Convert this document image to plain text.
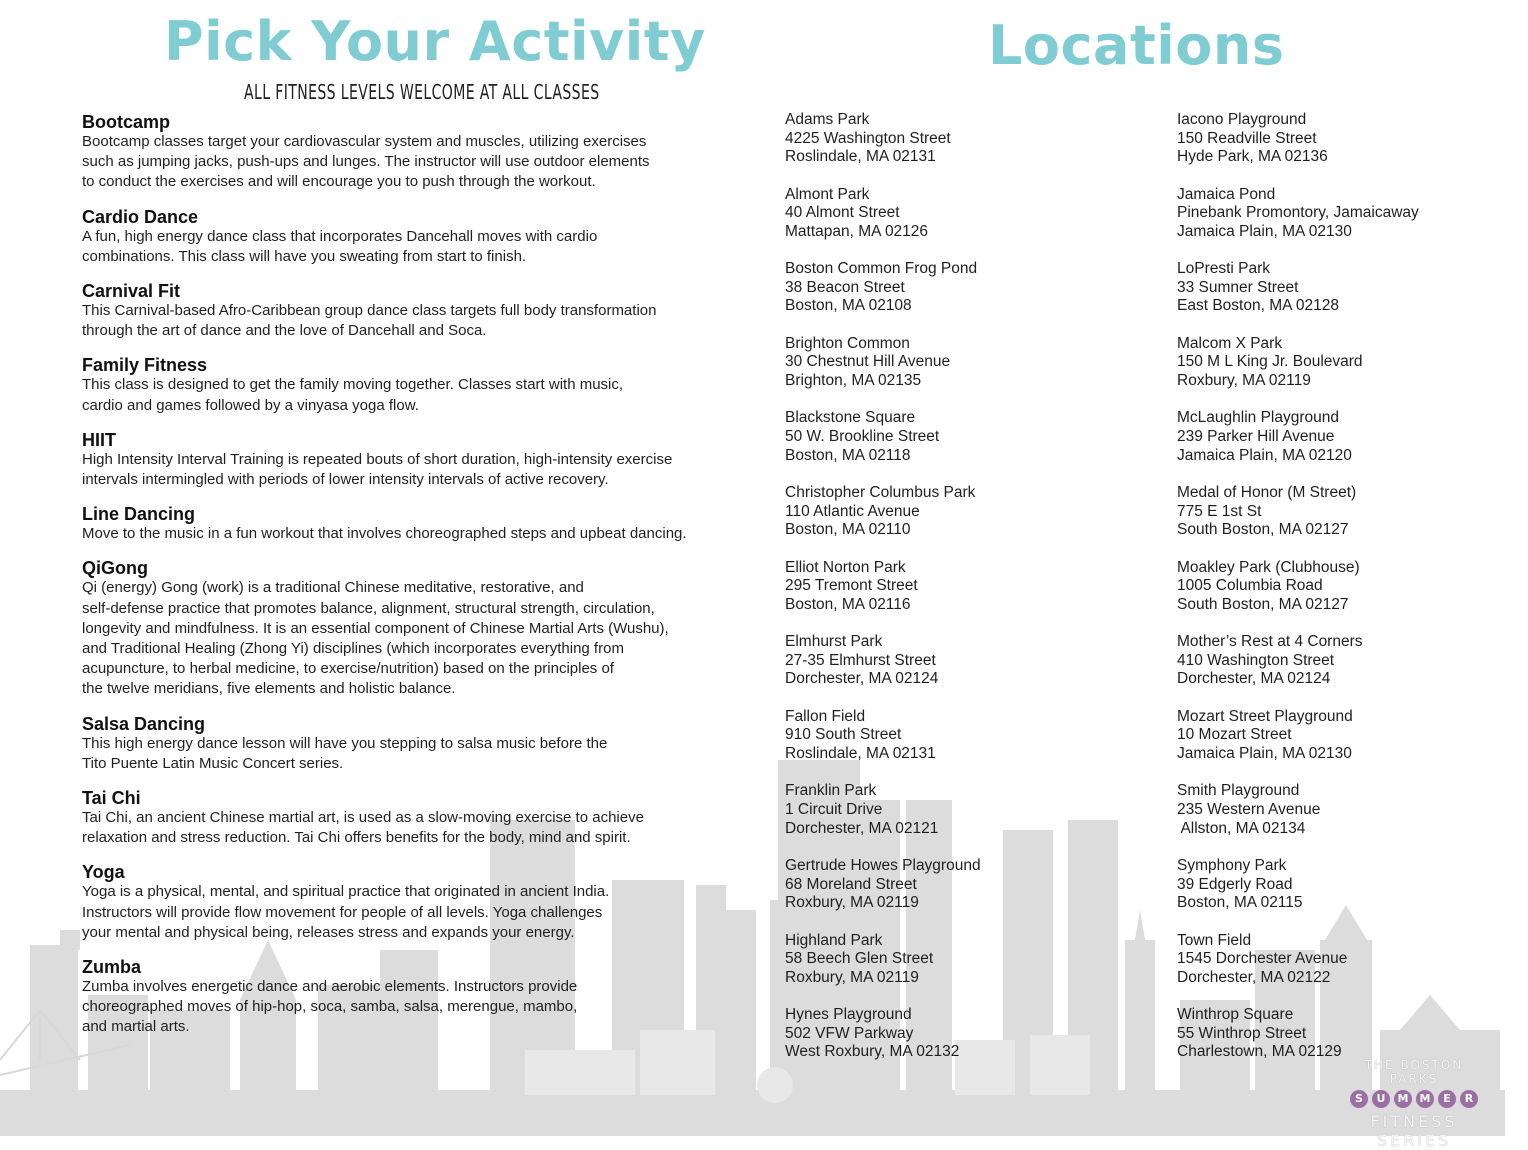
Pick Your Activity
ALL FITNESS LEVELS WELCOME AT ALL CLASSES
Locations
Bootcamp
Bootcamp classes target your cardiovascular system and muscles, utilizing exercises
such as jumping jacks, push-ups and lunges. The instructor will use outdoor elements
to conduct the exercises and will encourage you to push through the workout.
Cardio Dance
A fun, high energy dance class that incorporates Dancehall moves with cardio
combinations. This class will have you sweating from start to finish.
Carnival Fit
This Carnival-based Afro-Caribbean group dance class targets full body transformation
through the art of dance and the love of Dancehall and Soca.
Family Fitness
This class is designed to get the family moving together. Classes start with music,
cardio and games followed by a vinyasa yoga flow.
HIIT
High Intensity Interval Training is repeated bouts of short duration, high-intensity exercise
intervals intermingled with periods of lower intensity intervals of active recovery.
Line Dancing
Move to the music in a fun workout that involves choreographed steps and upbeat dancing.
QiGong
Qi (energy) Gong (work) is a traditional Chinese meditative, restorative, and
self-defense practice that promotes balance, alignment, structural strength, circulation,
longevity and mindfulness. It is an essential component of Chinese Martial Arts (Wushu),
and Traditional Healing (Zhong Yi) disciplines (which incorporates everything from
acupuncture, to herbal medicine, to exercise/nutrition) based on the principles of
the twelve meridians, five elements and holistic balance.
Salsa Dancing
This high energy dance lesson will have you stepping to salsa music before the
Tito Puente Latin Music Concert series.
Tai Chi
Tai Chi, an ancient Chinese martial art, is used as a slow-moving exercise to achieve
relaxation and stress reduction. Tai Chi offers benefits for the body, mind and spirit.
Yoga
Yoga is a physical, mental, and spiritual practice that originated in ancient India.
Instructors will provide flow movement for people of all levels. Yoga challenges
your mental and physical being, releases stress and expands your energy.
Zumba
Zumba involves energetic dance and aerobic elements. Instructors provide
choreographed moves of hip-hop, soca, samba, salsa, merengue, mambo,
and martial arts.
Adams Park
4225 Washington Street
Roslindale, MA 02131
Almont Park
40 Almont Street
Mattapan, MA 02126
Boston Common Frog Pond
38 Beacon Street
Boston, MA 02108
Brighton Common
30 Chestnut Hill Avenue
Brighton, MA 02135
Blackstone Square
50 W. Brookline Street
Boston, MA 02118
Christopher Columbus Park
110 Atlantic Avenue
Boston, MA 02110
Elliot Norton Park
295 Tremont Street
Boston, MA 02116
Elmhurst Park
27-35 Elmhurst Street
Dorchester, MA 02124
Fallon Field
910 South Street
Roslindale, MA 02131
Franklin Park
1 Circuit Drive
Dorchester, MA 02121
Gertrude Howes Playground
68 Moreland Street
Roxbury, MA 02119
Highland Park
58 Beech Glen Street
Roxbury, MA 02119
Hynes Playground
502 VFW Parkway
West Roxbury, MA 02132
Iacono Playground
150 Readville Street
Hyde Park, MA 02136
Jamaica Pond
Pinebank Promontory, Jamaicaway
Jamaica Plain, MA 02130
LoPresti Park
33 Sumner Street
East Boston, MA 02128
Malcom X Park
150 M L King Jr. Boulevard
Roxbury, MA 02119
McLaughlin Playground
239 Parker Hill Avenue
Jamaica Plain, MA 02120
Medal of Honor (M Street)
775 E 1st St
South Boston, MA 02127
Moakley Park (Clubhouse)
1005 Columbia Road
South Boston, MA 02127
Mother’s Rest at 4 Corners
410 Washington Street
Dorchester, MA 02124
Mozart Street Playground
10 Mozart Street
Jamaica Plain, MA 02130
Smith Playground
235 Western Avenue
Allston, MA 02134
Symphony Park
39 Edgerly Road
Boston, MA 02115
Town Field
1545 Dorchester Avenue
Dorchester, MA 02122
Winthrop Square
55 Winthrop Street
Charlestown, MA 02129
THE BOSTON PARKS
S	U	M	M	E	R
FITNESS SERIES
